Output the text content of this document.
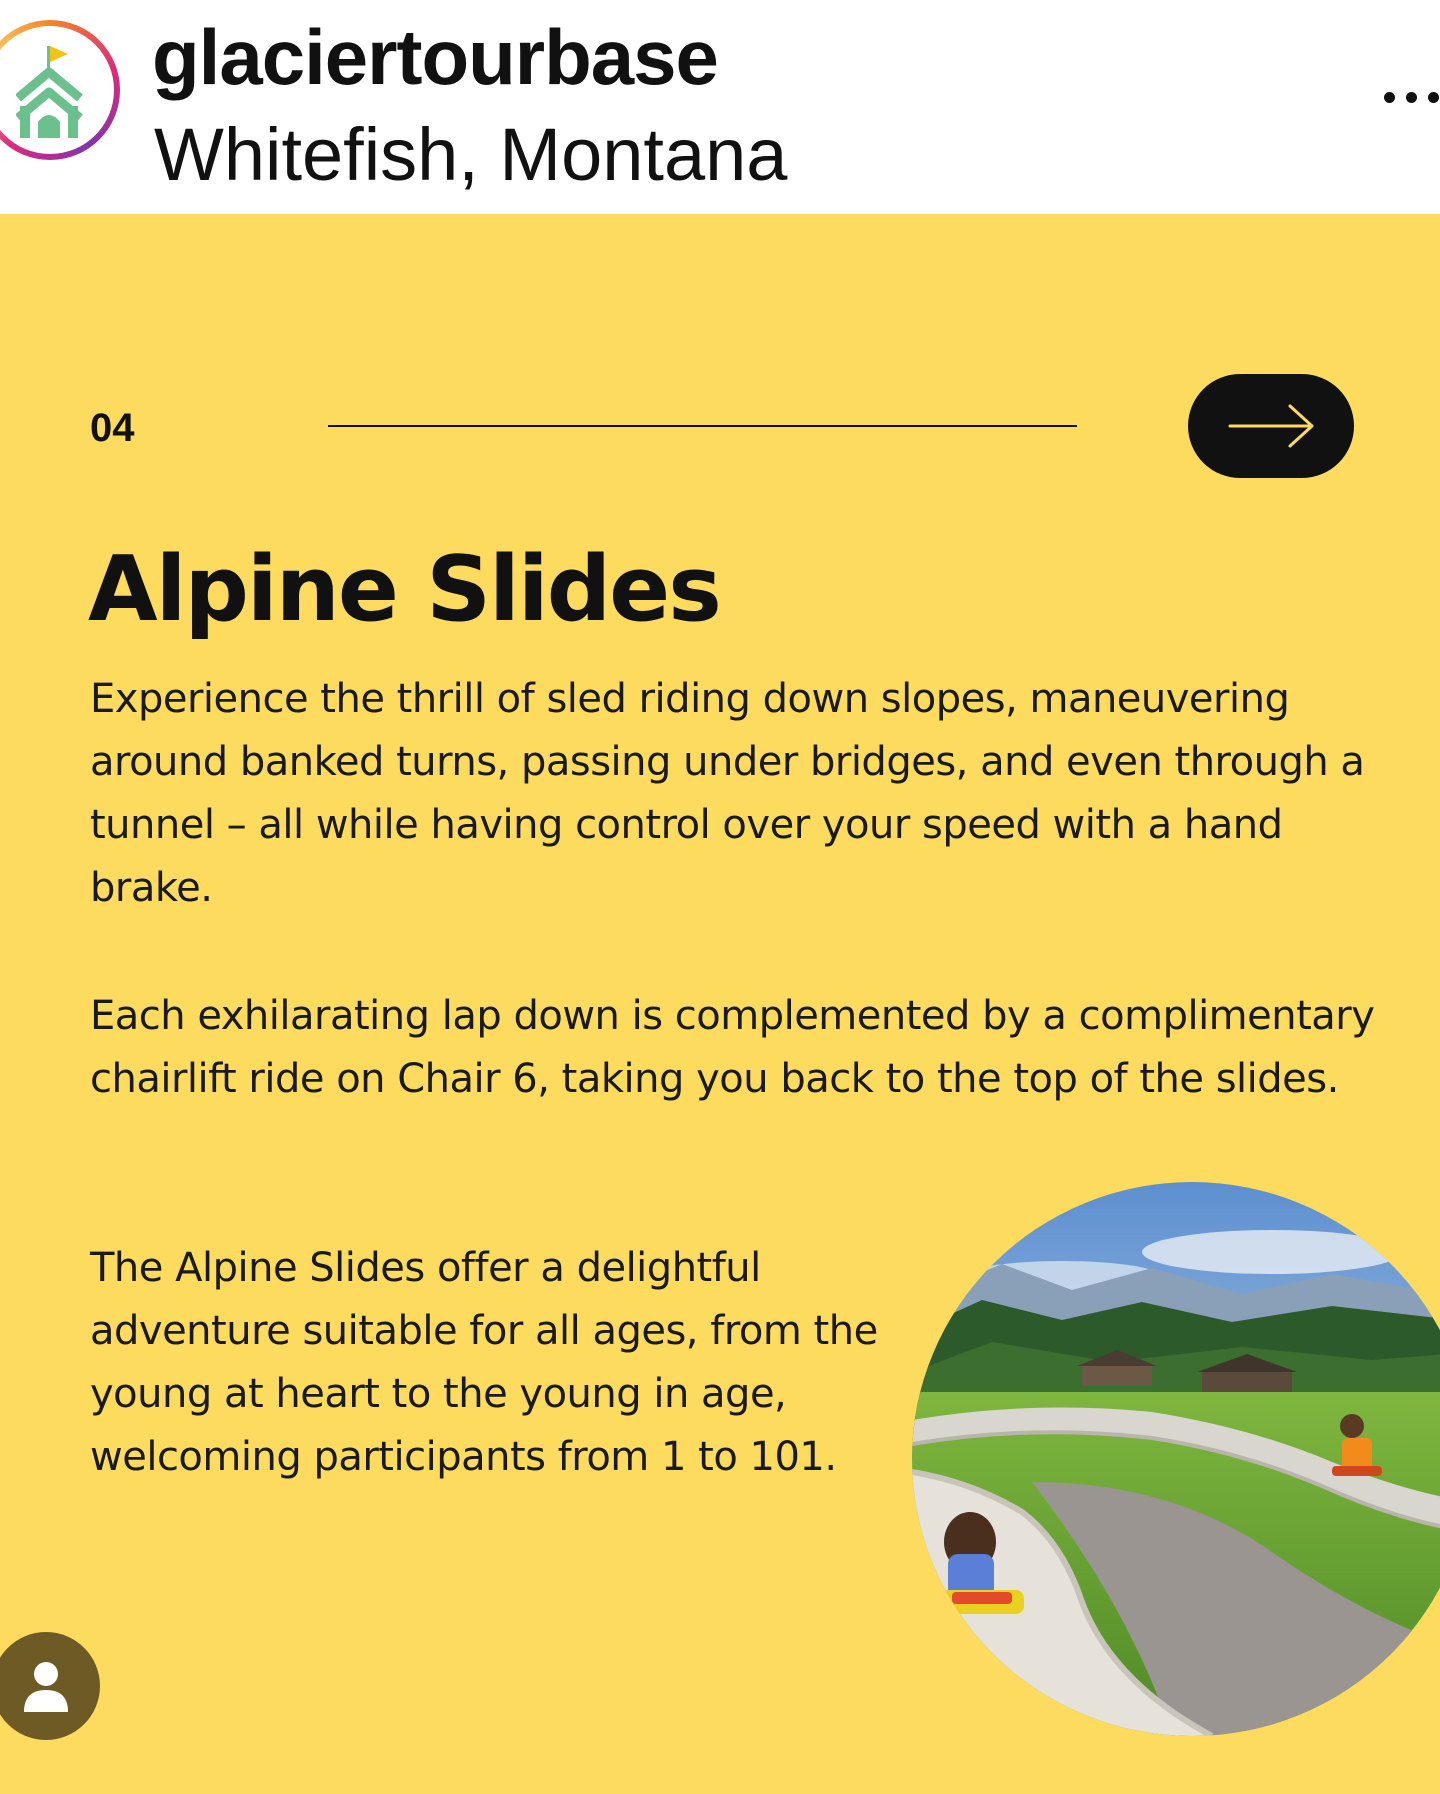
glaciertourbase
Whitefish, Montana
04
Alpine Slides

Experience the thrill of sled riding down slopes, maneuvering around banked turns, passing under bridges, and even through a tunnel – all while having control over your speed with a hand brake.

Each exhilarating lap down is complemented by a complimentary chairlift ride on Chair 6, taking you back to the top of the slides.

The Alpine Slides offer a delightful adventure suitable for all ages, from the young at heart to the young in age, welcoming participants from 1 to 101.
